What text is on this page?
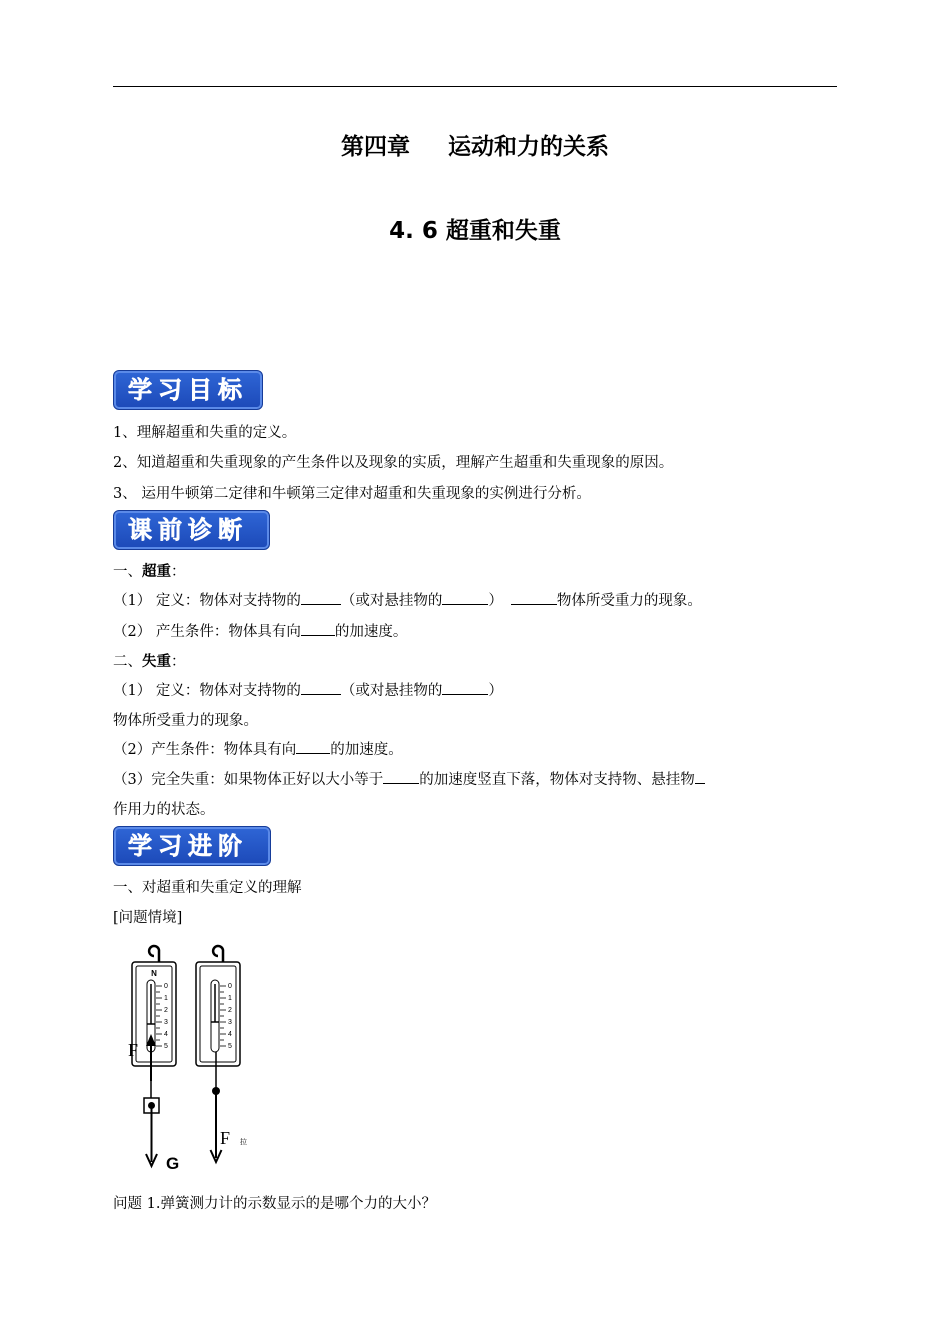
第四章 运动和力的关系
4. 6 超重和失重
学习目标
1、理解超重和失重的定义。
2、知道超重和失重现象的产生条件以及现象的实质，理解产生超重和失重现象的原因。
3、 运用牛顿第二定律和牛顿第三定律对超重和失重现象的实例进行分析。
课前诊断
一、超重：
（1） 定义：物体对支持物的	（或对悬挂物的	）	物体所受重力的现象。
（2） 产生条件：物体具有向 的加速度。
二、失重：
（1） 定义：物体对支持物的	（或对悬挂物的	）
物体所受重力的现象。
（2）产生条件：物体具有向 的加速度。
（3）完全失重：如果物体正好以大小等于 的加速度竖直下落，物体对支持物、悬挂物
作用力的状态。
学习进阶
一、对超重和失重定义的理解
[问题情境]
N
0
1
2
3
4
5
F
G
0
1
2
3
4
5
F 拉
问题 1.弹簧测力计的示数显示的是哪个力的大小？
